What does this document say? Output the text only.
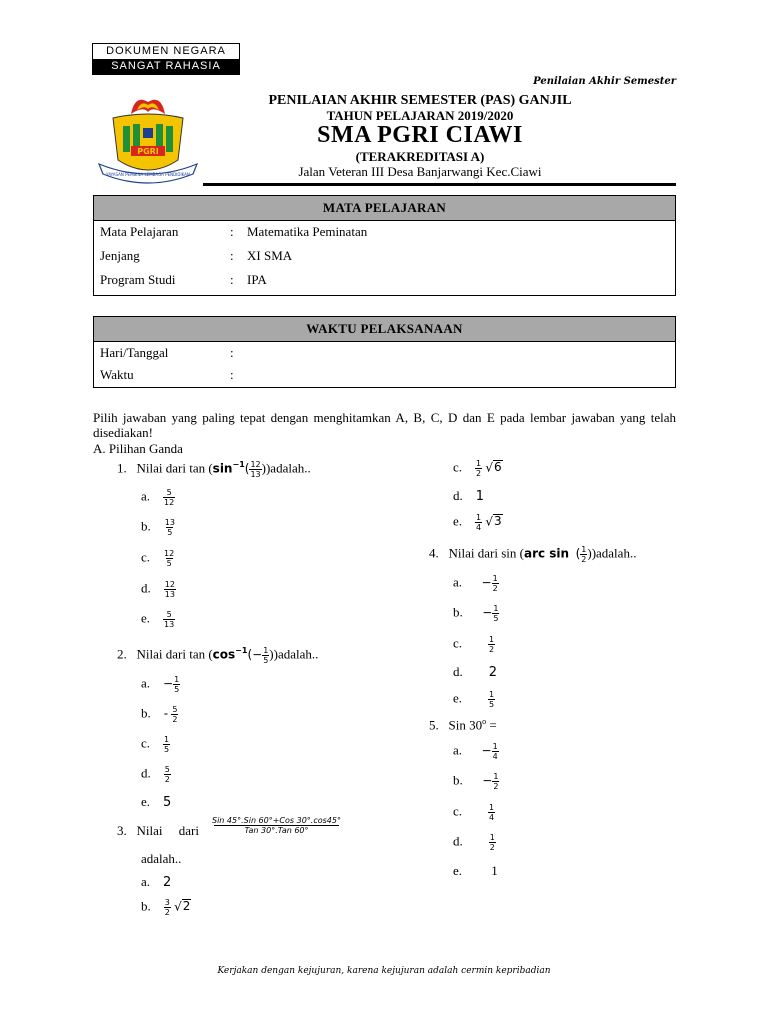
DOKUMEN NEGARA
SANGAT RAHASIA
Penilaian Akhir Semester
PGRI
YAYASAN PEMBINA LEMBAGA PENDIDIKAN
PENILAIAN AKHIR SEMESTER (PAS) GANJIL
TAHUN PELAJARAN 2019/2020
SMA PGRI CIAWI
(TERAKREDITASI A)
Jalan Veteran III Desa Banjarwangi Kec.Ciawi
MATA PELAJARAN
Mata Pelajaran	: Matematika Peminatan
Jenjang	: XI SMA
Program Studi	: IPA
WAKTU PELAKSANAAN
Hari/Tanggal	:
Waktu	:
Pilih jawaban yang paling tepat dengan menghitamkan A, B, C, D dan E pada lembar jawaban yang telah disediakan!
A. Pilihan Ganda
1. Nilai dari $\tan (\sin^{-1}( \frac{12}{13}$ ))adalah..
a. $\frac{5}{12}$
b. $\frac{13}{5}$
c. $\frac{12}{5}$
d. $\frac{12}{13}$
e. $\frac{5}{13}$
2. Nilai dari $\tan (\cos^{-1}(- \frac{1}{5}$ ))adalah..
a. − $\frac{1}{5}$
b. - $\frac{5}{2}$
c. $\frac{1}{5}$
d. $\frac{5}{2}$
e. 5
3. Nilai dari $\frac{\text{Sin 45°.Sin 60°+Cos 30°.cos45°}}{\text{Tan 30°.Tan 60°}}$
adalah..
a. 2
b. $\frac{3}{2} √2$
c. $\frac{1}{2} √6$
d. 1
e. $\frac{1}{4} √3$
4. Nilai dari sin (arc sin ( $\frac{1}{2}$ ))adalah..
a. − $\frac{1}{2}$
b. − $\frac{1}{5}$
c.	$\frac{1}{2}$
d. 2
e.	$\frac{1}{5}$
5. Sin $30^o$ =
a. − $\frac{1}{4}$
b. − $\frac{1}{2}$
c.	$\frac{1}{4}$
d.	$\frac{1}{2}$
e. 1
Kerjakan dengan kejujuran, karena kejujuran adalah cermin kepribadian
